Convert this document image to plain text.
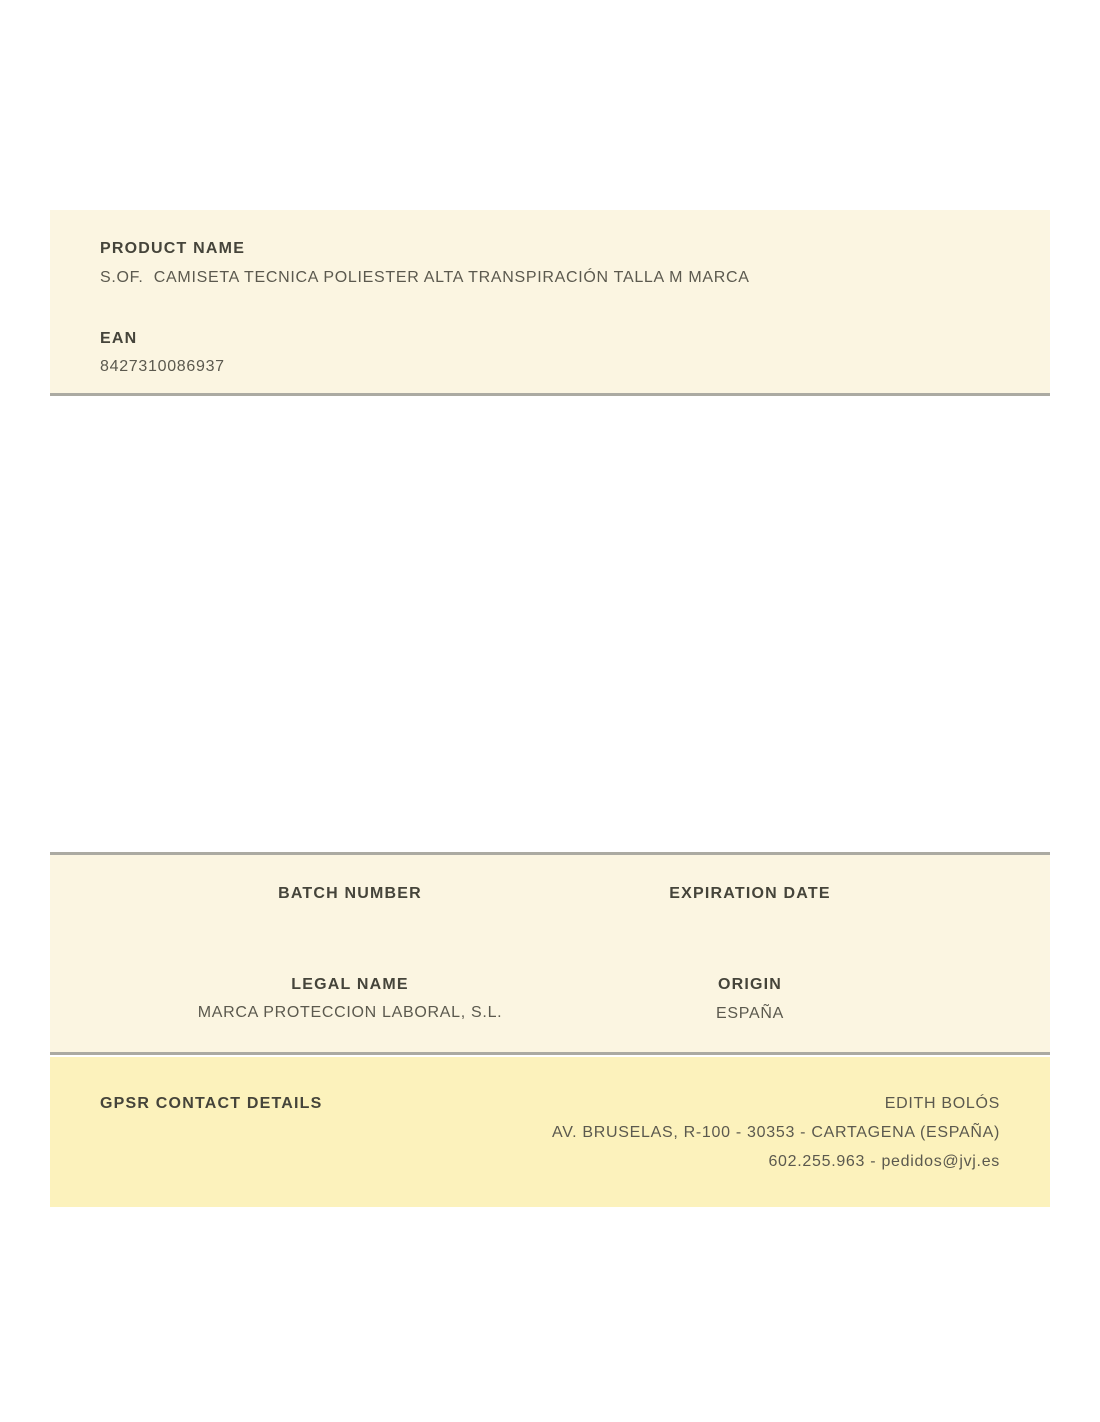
PRODUCT NAME
S.OF.  CAMISETA TECNICA POLIESTER ALTA TRANSPIRACIÓN TALLA M MARCA
EAN
8427310086937
BATCH NUMBER
LEGAL NAME
MARCA PROTECCION LABORAL, S.L.
EXPIRATION DATE
ORIGIN
ESPAÑA
GPSR CONTACT DETAILS	EDITH BOLÓS
AV. BRUSELAS, R-100 - 30353 - CARTAGENA (ESPAÑA)
602.255.963 - pedidos@jvj.es
